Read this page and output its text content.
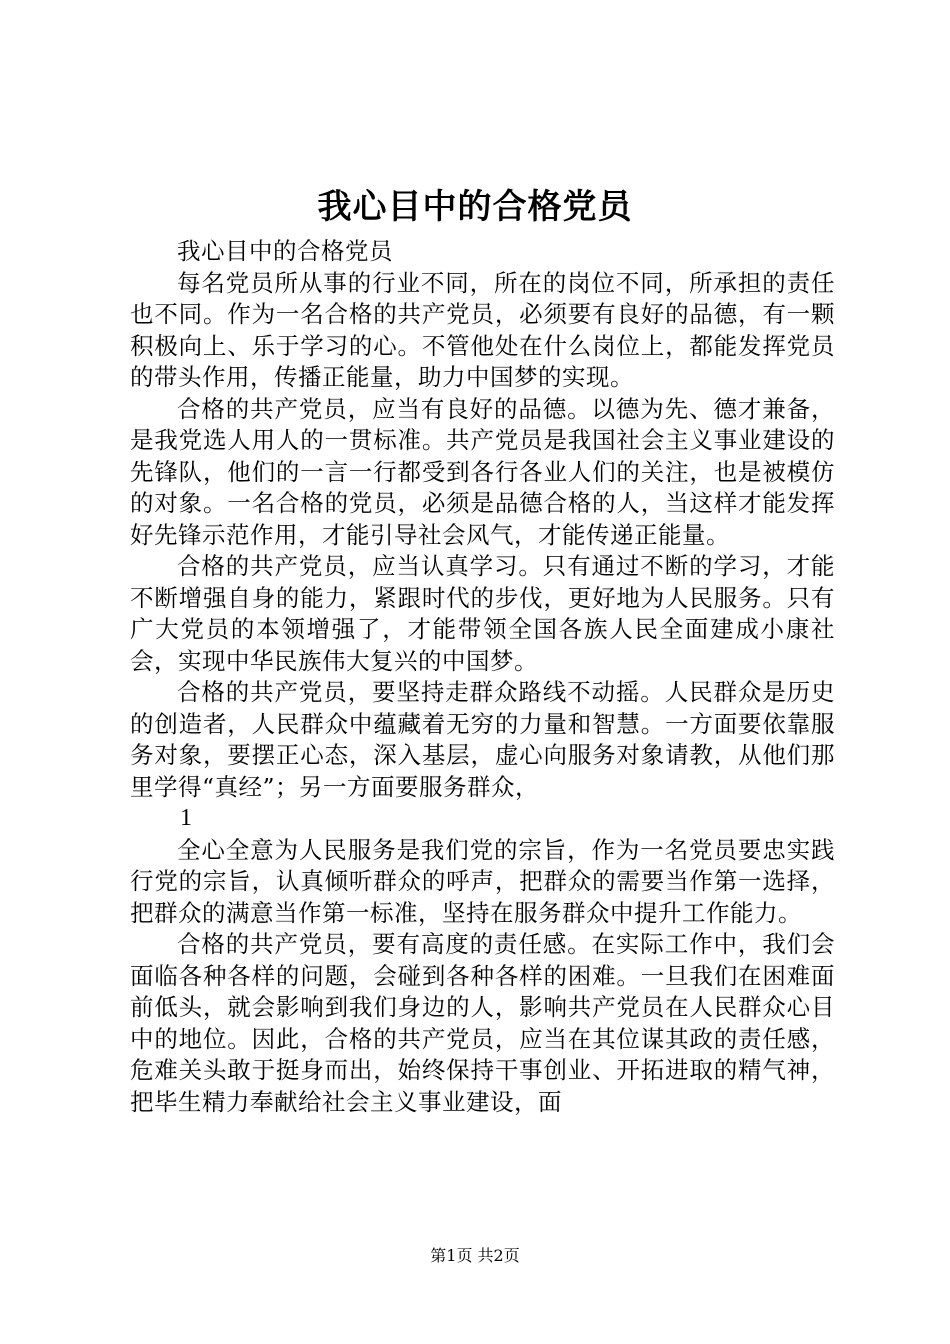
我心目中的合格党员

我心目中的合格党员

每名党员所从事的行业不同，所在的岗位不同，所承担的责任也不同。作为一名合格的共产党员，必须要有良好的品德，有一颗积极向上、乐于学习的心。不管他处在什么岗位上，都能发挥党员的带头作用，传播正能量，助力中国梦的实现。

合格的共产党员，应当有良好的品德。以德为先、德才兼备，是我党选人用人的一贯标准。共产党员是我国社会主义事业建设的先锋队，他们的一言一行都受到各行各业人们的关注，也是被模仿的对象。一名合格的党员，必须是品德合格的人，当这样才能发挥好先锋示范作用，才能引导社会风气，才能传递正能量。

合格的共产党员，应当认真学习。只有通过不断的学习，才能不断增强自身的能力，紧跟时代的步伐，更好地为人民服务。只有广大党员的本领增强了，才能带领全国各族人民全面建成小康社会，实现中华民族伟大复兴的中国梦。

合格的共产党员，要坚持走群众路线不动摇。人民群众是历史的创造者，人民群众中蕴藏着无穷的力量和智慧。一方面要依靠服务对象，要摆正心态，深入基层，虚心向服务对象请教，从他们那里学得“真经”；另一方面要服务群众，

1

全心全意为人民服务是我们党的宗旨，作为一名党员要忠实践行党的宗旨，认真倾听群众的呼声，把群众的需要当作第一选择，把群众的满意当作第一标准，坚持在服务群众中提升工作能力。

合格的共产党员，要有高度的责任感。在实际工作中，我们会面临各种各样的问题，会碰到各种各样的困难。一旦我们在困难面前低头，就会影响到我们身边的人，影响共产党员在人民群众心目中的地位。因此，合格的共产党员，应当在其位谋其政的责任感，危难关头敢于挺身而出，始终保持干事创业、开拓进取的精气神，把毕生精力奉献给社会主义事业建设，面

第1页 共2页
